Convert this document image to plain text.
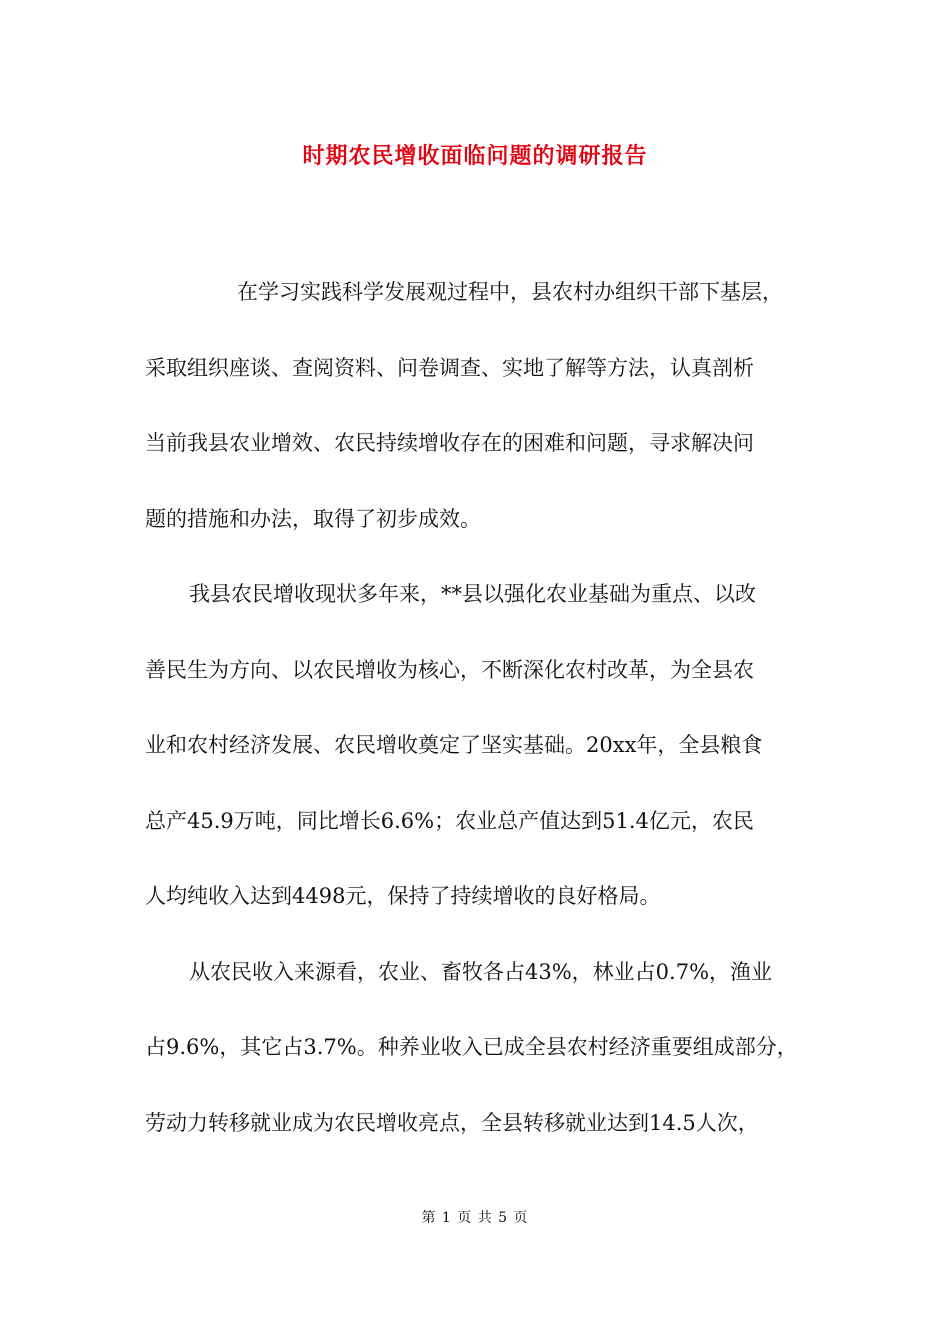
时期农民增收面临问题的调研报告
在学习实践科学发展观过程中，县农村办组织干部下基层，
采取组织座谈、查阅资料、问卷调查、实地了解等方法，认真剖析
当前我县农业增效、农民持续增收存在的困难和问题，寻求解决问
题的措施和办法，取得了初步成效。
我县农民增收现状多年来，**县以强化农业基础为重点、以改
善民生为方向、以农民增收为核心，不断深化农村改革，为全县农
业和农村经济发展、农民增收奠定了坚实基础。20xx年，全县粮食
总产45.9万吨，同比增长6.6%；农业总产值达到51.4亿元，农民
人均纯收入达到4498元，保持了持续增收的良好格局。
从农民收入来源看，农业、畜牧各占43%，林业占0.7%，渔业
占9.6%，其它占3.7%。种养业收入已成全县农村经济重要组成部分，
劳动力转移就业成为农民增收亮点，全县转移就业达到14.5人次，
第 1 页 共 5 页
